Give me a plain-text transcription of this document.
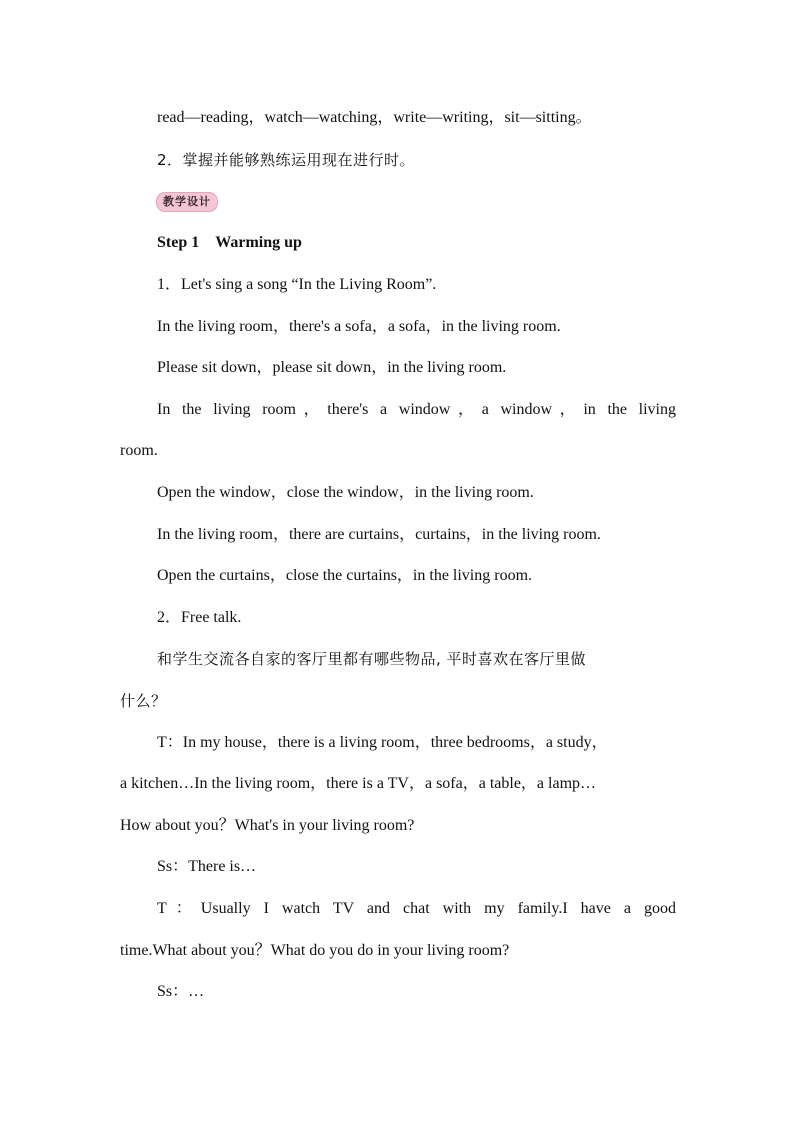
read—reading，watch—watching，write—writing，sit—sitting。
2．掌握并能够熟练运用现在进行时。
教学设计
Step 1　Warming up
1．Let's sing a song “In the Living Room”.
In the living room，there's a sofa，a sofa，in the living room.
Please sit down，please sit down，in the living room.
In the living room，there's a window，a window，in the living
room.
Open the window，close the window，in the living room.
In the living room，there are curtains，curtains，in the living room.
Open the curtains，close the curtains，in the living room.
2．Free talk.
和学生交流各自家的客厅里都有哪些物品, 平时喜欢在客厅里做
什么？
T：In my house，there is a living room，three bedrooms，a study，
a kitchen…In the living room，there is a TV，a sofa，a table，a lamp…
How about you？What's in your living room?
Ss：There is…
T：Usually I watch TV and chat with my family.I have a good
time.What about you？What do you do in your living room?
Ss：…
